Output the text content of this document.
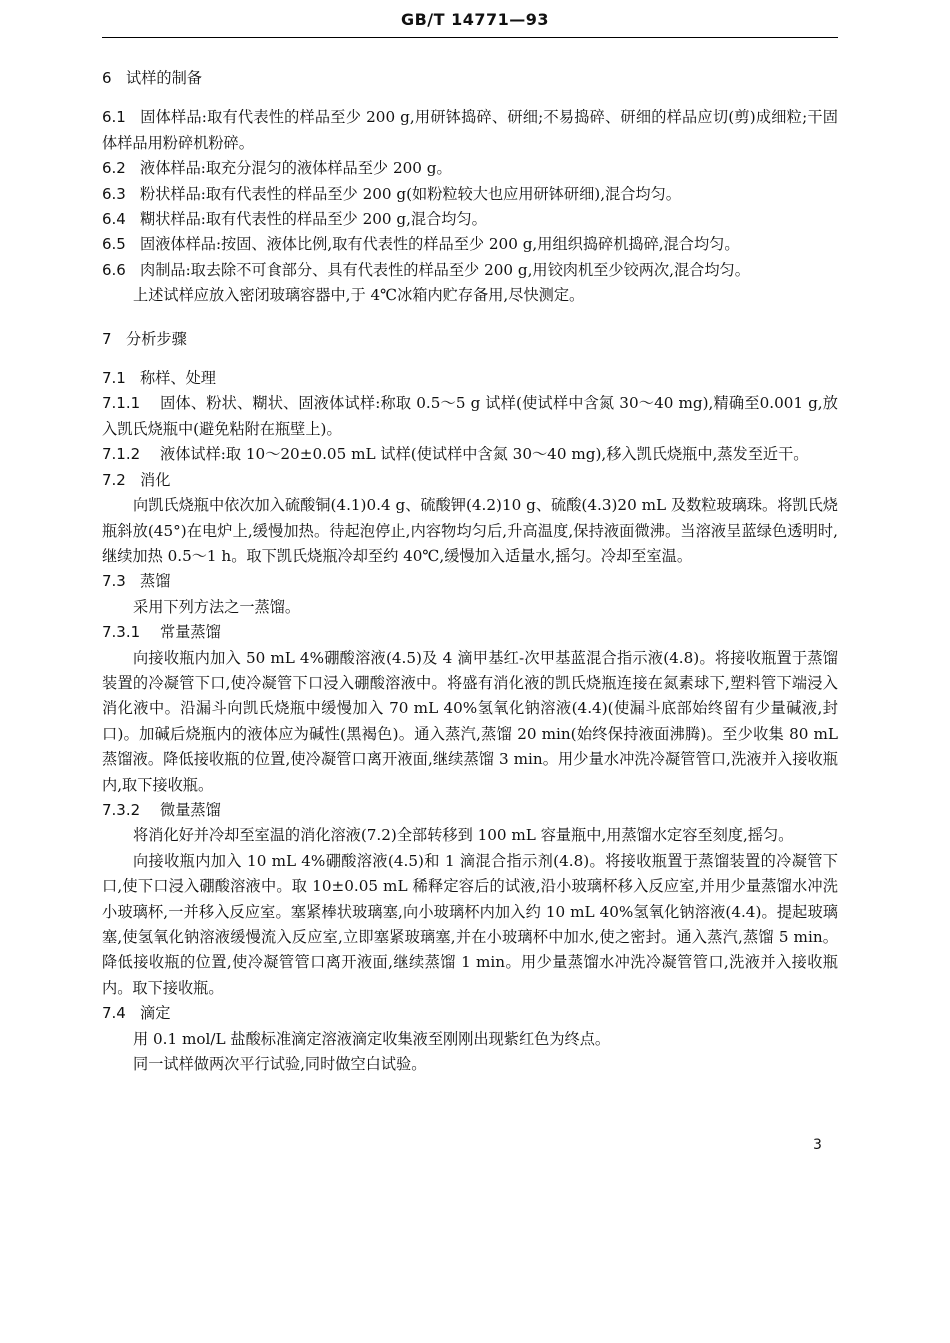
GB/T 14771—93

6 试样的制备

6.1 固体样品:取有代表性的样品至少 200 g,用研钵捣碎、研细;不易捣碎、研细的样品应切(剪)成细粒;干固体样品用粉碎机粉碎。

6.2 液体样品:取充分混匀的液体样品至少 200 g。

6.3 粉状样品:取有代表性的样品至少 200 g(如粉粒较大也应用研钵研细),混合均匀。

6.4 糊状样品:取有代表性的样品至少 200 g,混合均匀。

6.5 固液体样品:按固、液体比例,取有代表性的样品至少 200 g,用组织捣碎机捣碎,混合均匀。

6.6 肉制品:取去除不可食部分、具有代表性的样品至少 200 g,用铰肉机至少铰两次,混合均匀。

上述试样应放入密闭玻璃容器中,于 4℃冰箱内贮存备用,尽快测定。

7 分析步骤

7.1 称样、处理

7.1.1 固体、粉状、糊状、固液体试样:称取 0.5～5 g 试样(使试样中含氮 30～40 mg),精确至0.001 g,放入凯氏烧瓶中(避免粘附在瓶壁上)。

7.1.2 液体试样:取 10～20±0.05 mL 试样(使试样中含氮 30～40 mg),移入凯氏烧瓶中,蒸发至近干。

7.2 消化

向凯氏烧瓶中依次加入硫酸铜(4.1)0.4 g、硫酸钾(4.2)10 g、硫酸(4.3)20 mL 及数粒玻璃珠。将凯氏烧瓶斜放(45°)在电炉上,缓慢加热。待起泡停止,内容物均匀后,升高温度,保持液面微沸。当溶液呈蓝绿色透明时,继续加热 0.5～1 h。取下凯氏烧瓶冷却至约 40℃,缓慢加入适量水,摇匀。冷却至室温。

7.3 蒸馏

采用下列方法之一蒸馏。

7.3.1 常量蒸馏

向接收瓶内加入 50 mL 4%硼酸溶液(4.5)及 4 滴甲基红-次甲基蓝混合指示液(4.8)。将接收瓶置于蒸馏装置的冷凝管下口,使冷凝管下口浸入硼酸溶液中。将盛有消化液的凯氏烧瓶连接在氮素球下,塑料管下端浸入消化液中。沿漏斗向凯氏烧瓶中缓慢加入 70 mL 40%氢氧化钠溶液(4.4)(使漏斗底部始终留有少量碱液,封口)。加碱后烧瓶内的液体应为碱性(黑褐色)。通入蒸汽,蒸馏 20 min(始终保持液面沸腾)。至少收集 80 mL 蒸馏液。降低接收瓶的位置,使冷凝管口离开液面,继续蒸馏 3 min。用少量水冲洗冷凝管管口,洗液并入接收瓶内,取下接收瓶。

7.3.2 微量蒸馏

将消化好并冷却至室温的消化溶液(7.2)全部转移到 100 mL 容量瓶中,用蒸馏水定容至刻度,摇匀。

向接收瓶内加入 10 mL 4%硼酸溶液(4.5)和 1 滴混合指示剂(4.8)。将接收瓶置于蒸馏装置的冷凝管下口,使下口浸入硼酸溶液中。取 10±0.05 mL 稀释定容后的试液,沿小玻璃杯移入反应室,并用少量蒸馏水冲洗小玻璃杯,一并移入反应室。塞紧棒状玻璃塞,向小玻璃杯内加入约 10 mL 40%氢氧化钠溶液(4.4)。提起玻璃塞,使氢氧化钠溶液缓慢流入反应室,立即塞紧玻璃塞,并在小玻璃杯中加水,使之密封。通入蒸汽,蒸馏 5 min。降低接收瓶的位置,使冷凝管管口离开液面,继续蒸馏 1 min。用少量蒸馏水冲洗冷凝管管口,洗液并入接收瓶内。取下接收瓶。

7.4 滴定

用 0.1 mol/L 盐酸标准滴定溶液滴定收集液至刚刚出现紫红色为终点。

同一试样做两次平行试验,同时做空白试验。

3
